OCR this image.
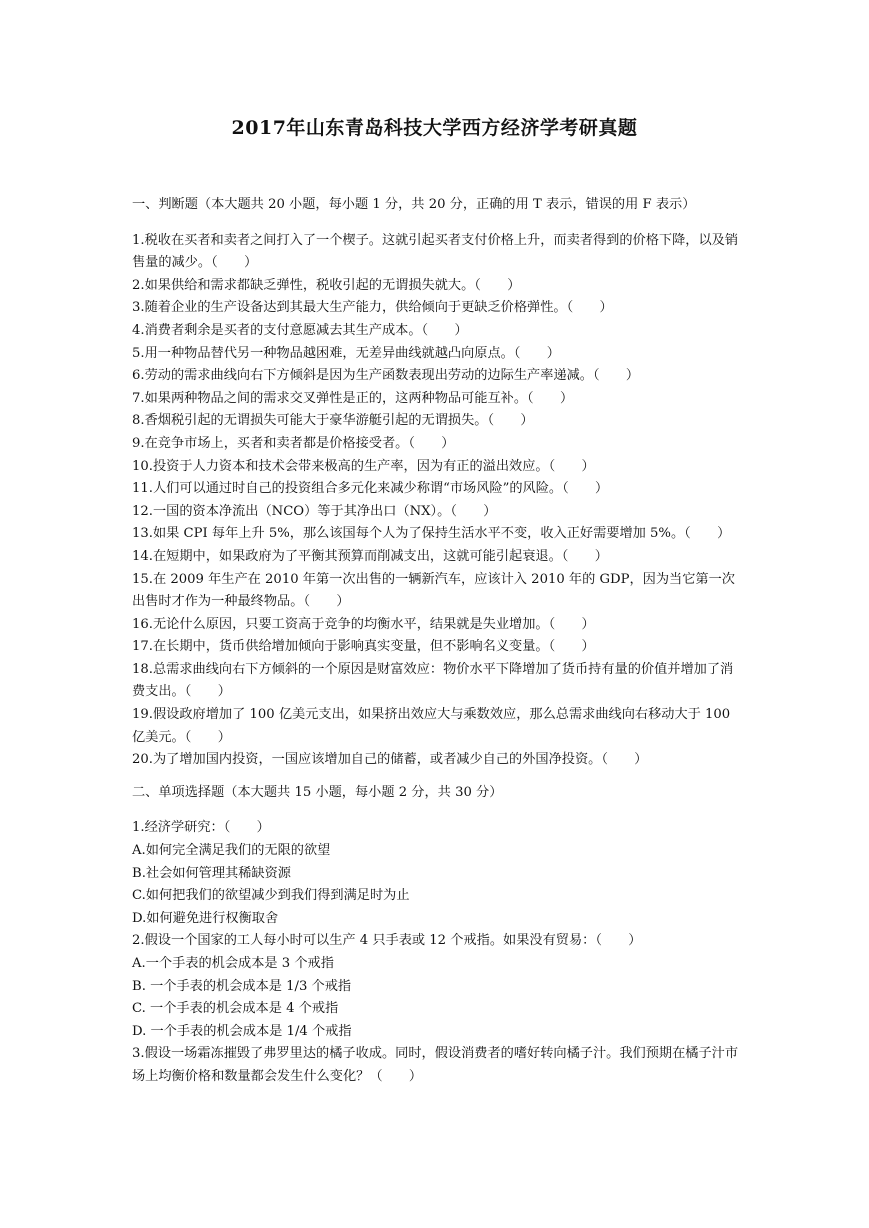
2017年山东青岛科技大学西方经济学考研真题

一、判断题（本大题共 20 小题，每小题 1 分，共 20 分，正确的用 T 表示，错误的用 F 表示）

1.税收在买者和卖者之间打入了一个楔子。这就引起买者支付价格上升，而卖者得到的价格下降，以及销售量的减少。（　　）

2.如果供给和需求都缺乏弹性，税收引起的无谓损失就大。（　　）

3.随着企业的生产设备达到其最大生产能力，供给倾向于更缺乏价格弹性。（　　）

4.消费者剩余是买者的支付意愿减去其生产成本。（　　）

5.用一种物品替代另一种物品越困难，无差异曲线就越凸向原点。（　　）

6.劳动的需求曲线向右下方倾斜是因为生产函数表现出劳动的边际生产率递减。（　　）

7.如果两种物品之间的需求交叉弹性是正的，这两种物品可能互补。（　　）

8.香烟税引起的无谓损失可能大于豪华游艇引起的无谓损失。（　　）

9.在竞争市场上，买者和卖者都是价格接受者。（　　）

10.投资于人力资本和技术会带来极高的生产率，因为有正的溢出效应。（　　）

11.人们可以通过时自己的投资组合多元化来减少称谓“市场风险”的风险。（　　）

12.一国的资本净流出（NCO）等于其净出口（NX）。（　　）

13.如果 CPI 每年上升 5%，那么该国每个人为了保持生活水平不变，收入正好需要增加 5%。（　　）

14.在短期中，如果政府为了平衡其预算而削减支出，这就可能引起衰退。（　　）

15.在 2009 年生产在 2010 年第一次出售的一辆新汽车，应该计入 2010 年的 GDP，因为当它第一次出售时才作为一种最终物品。（　　）

16.无论什么原因，只要工资高于竞争的均衡水平，结果就是失业增加。（　　）

17.在长期中，货币供给增加倾向于影响真实变量，但不影响名义变量。（　　）

18.总需求曲线向右下方倾斜的一个原因是财富效应：物价水平下降增加了货币持有量的价值并增加了消费支出。（　　）

19.假设政府增加了 100 亿美元支出，如果挤出效应大与乘数效应，那么总需求曲线向右移动大于 100 亿美元。（　　）

20.为了增加国内投资，一国应该增加自己的储蓄，或者减少自己的外国净投资。（　　）

二、单项选择题（本大题共 15 小题，每小题 2 分，共 30 分）

1.经济学研究：（　　）

A.如何完全满足我们的无限的欲望

B.社会如何管理其稀缺资源

C.如何把我们的欲望减少到我们得到满足时为止

D.如何避免进行权衡取舍

2.假设一个国家的工人每小时可以生产 4 只手表或 12 个戒指。如果没有贸易：（　　）

A.一个手表的机会成本是 3 个戒指

B. 一个手表的机会成本是 1/3 个戒指

C. 一个手表的机会成本是 4 个戒指

D. 一个手表的机会成本是 1/4 个戒指

3.假设一场霜冻摧毁了弗罗里达的橘子收成。同时，假设消费者的嗜好转向橘子汁。我们预期在橘子汁市场上均衡价格和数量都会发生什么变化？（　　）
